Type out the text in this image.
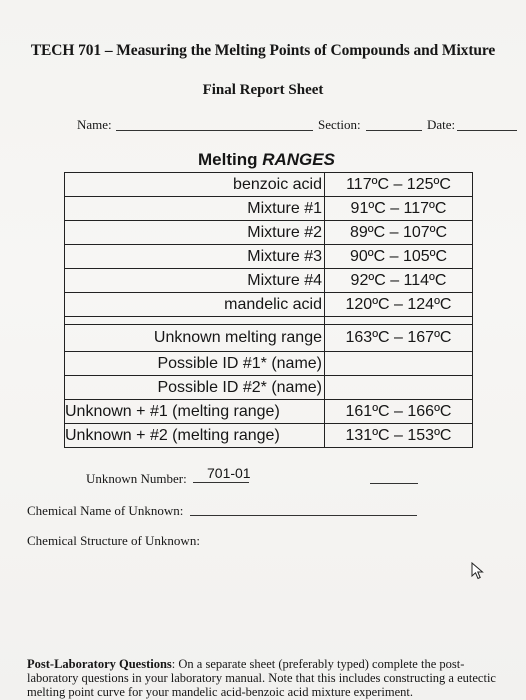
TECH 701 – Measuring the Melting Points of Compounds and Mixture
Final Report Sheet
Name:	Section:	Date:
Melting RANGES
benzoic acid	117ºC – 125ºC
Mixture #1	91ºC – 117ºC
Mixture #2	89ºC – 107ºC
Mixture #3	90ºC – 105ºC
Mixture #4	92ºC – 114ºC
mandelic acid	120ºC – 124ºC

Unknown melting range	163ºC – 167ºC
Possible ID #1* (name)	
Possible ID #2* (name)	
Unknown + #1 (melting range)	161ºC – 166ºC
Unknown + #2 (melting range)	131ºC – 153ºC
Unknown Number: 701-01
Chemical Name of Unknown:
Chemical Structure of Unknown:
Post-Laboratory Questions: On a separate sheet (preferably typed) complete the post-laboratory questions in your laboratory manual. Note that this includes constructing a eutectic melting point curve for your mandelic acid-benzoic acid mixture experiment.
